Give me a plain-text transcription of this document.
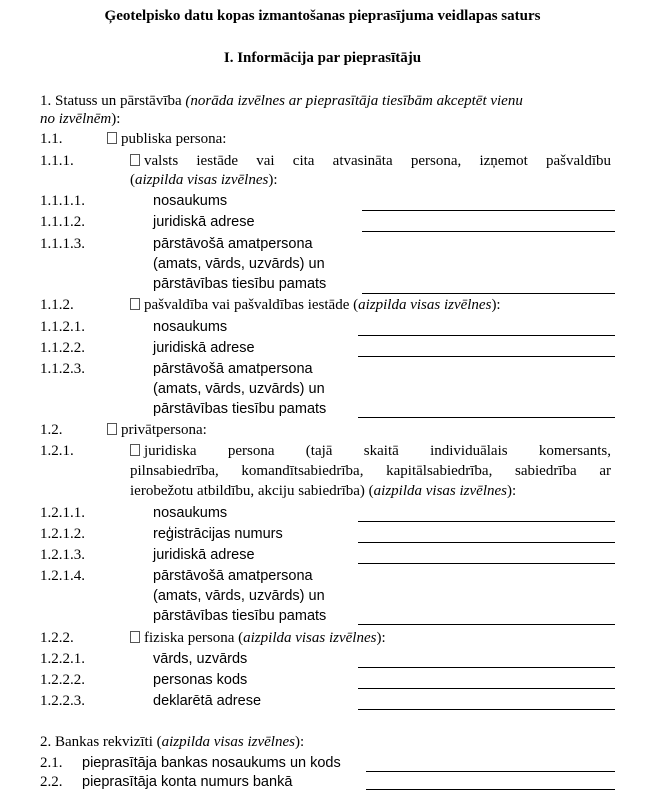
Ģeotelpisko datu kopas izmantošanas pieprasījuma veidlapas saturs
I. Informācija par pieprasītāju
1. Statuss un pārstāvība (norāda izvēlnes ar pieprasītāja tiesībām akceptēt vienu
no izvēlnēm):
1.1.	publiska persona:
1.1.1.	valsts iestāde vai cita atvasināta persona, izņemot pašvaldību
(aizpilda visas izvēlnes):
1.1.1.1.	nosaukums
1.1.1.2.	juridiskā adrese
1.1.1.3.	pārstāvošā amatpersona
(amats, vārds, uzvārds) un
pārstāvības tiesību pamats
1.1.2.	pašvaldība vai pašvaldības iestāde (aizpilda visas izvēlnes):
1.1.2.1.	nosaukums
1.1.2.2.	juridiskā adrese
1.1.2.3.	pārstāvošā amatpersona
(amats, vārds, uzvārds) un
pārstāvības tiesību pamats
1.2.	privātpersona:
1.2.1.	juridiska persona (tajā skaitā individuālais komersants,
pilnsabiedrība, komandītsabiedrība, kapitālsabiedrība, sabiedrība ar
ierobežotu atbildību, akciju sabiedrība) (aizpilda visas izvēlnes):
1.2.1.1.	nosaukums
1.2.1.2.	reģistrācijas numurs
1.2.1.3.	juridiskā adrese
1.2.1.4.	pārstāvošā amatpersona
(amats, vārds, uzvārds) un
pārstāvības tiesību pamats
1.2.2.	fiziska persona (aizpilda visas izvēlnes):
1.2.2.1.	vārds, uzvārds
1.2.2.2.	personas kods
1.2.2.3.	deklarētā adrese
2. Bankas rekvizīti (aizpilda visas izvēlnes):
2.1. pieprasītāja bankas nosaukums un kods
2.2. pieprasītāja konta numurs bankā
